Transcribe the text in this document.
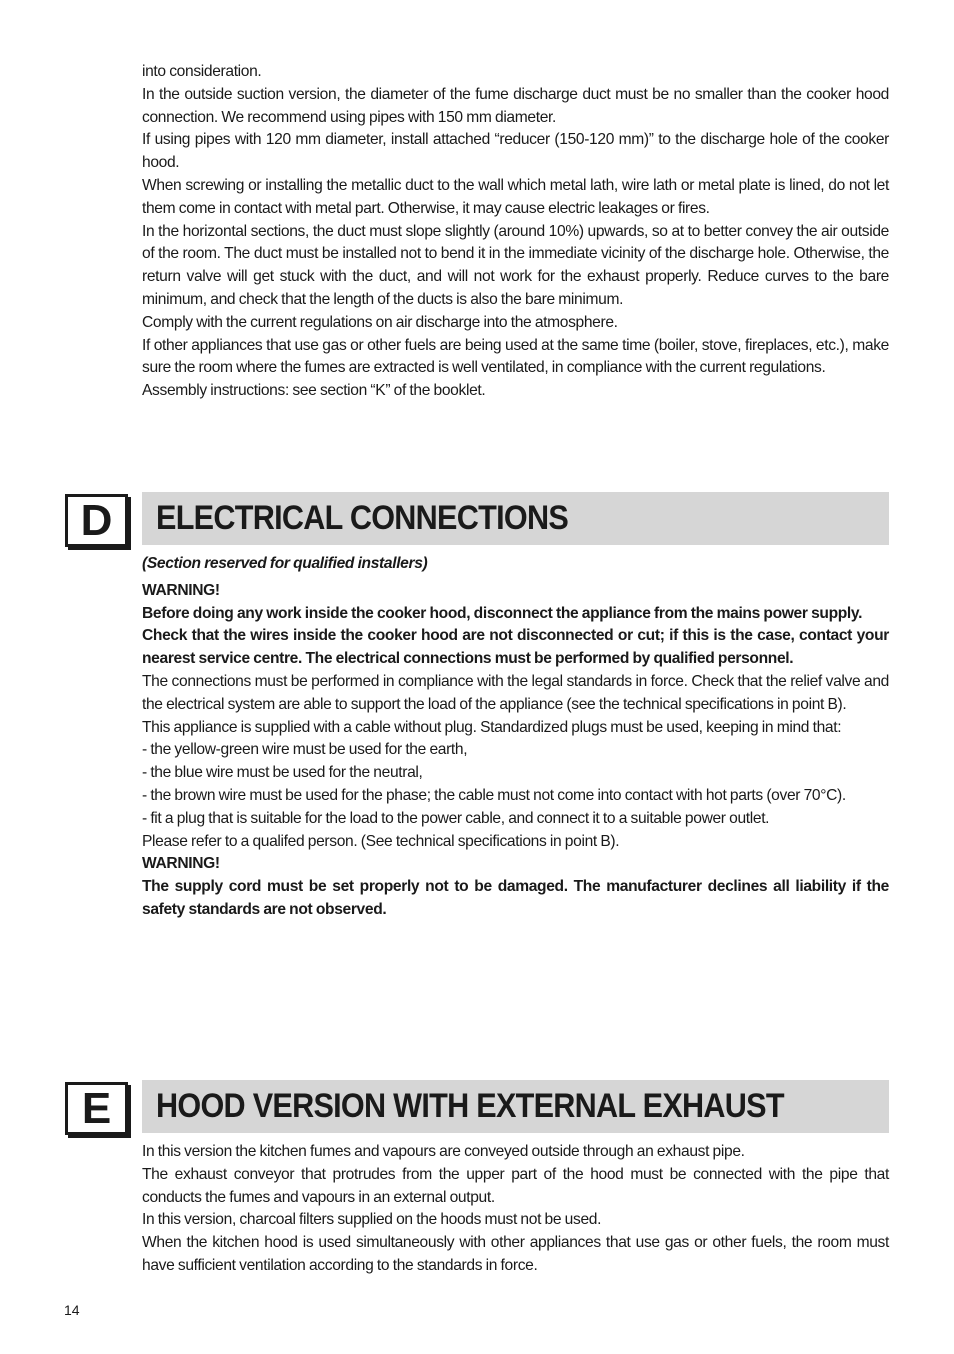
into consideration.

In the outside suction version, the diameter of the fume discharge duct must be no smaller than the cooker hood connection. We recommend using pipes with 150 mm diameter.

If using pipes with 120 mm diameter, install attached “reducer (150-120 mm)” to the discharge hole of the cooker hood.

When screwing or installing the metallic duct to the wall which metal lath, wire lath or metal plate is lined, do not let them come in contact with metal part. Otherwise, it may cause electric leakages or fires.

In the horizontal sections, the duct must slope slightly (around 10%) upwards, so at to better convey the air outside of the room. The duct must be installed not to bend it in the immediate vicinity of the discharge hole. Otherwise, the return valve will get stuck with the duct, and will not work for the exhaust properly. Reduce curves to the bare minimum, and check that the length of the ducts is also the bare minimum.

Comply with the current regulations on air discharge into the atmosphere.

If other appliances that use gas or other fuels are being used at the same time (boiler, stove, fireplaces, etc.), make sure the room where the fumes are extracted is well ventilated, in compliance with the current regulations.

Assembly instructions: see section “K” of the booklet.

D	ELECTRICAL CONNECTIONS

(Section reserved for qualified installers)

WARNING!

Before doing any work inside the cooker hood, disconnect the appliance from the mains power supply.

Check that the wires inside the cooker hood are not disconnected or cut; if this is the case, contact your nearest service centre. The electrical connections must be performed by qualified personnel.

The connections must be performed in compliance with the legal standards in force. Check that the relief valve and the electrical system are able to support the load of the appliance (see the technical specifications in point B).

This appliance is supplied with a cable without plug. Standardized plugs must be used, keeping in mind that:

- the yellow-green wire must be used for the earth,

- the blue wire must be used for the neutral,

- the brown wire must be used for the phase; the cable must not come into contact with hot parts (over 70°C).

- fit a plug that is suitable for the load to the power cable, and connect it to a suitable power outlet.

Please refer to a qualifed person. (See technical specifications in point B).

WARNING!

The supply cord must be set properly not to be damaged. The manufacturer declines all liability if the safety standards are not observed.

E	HOOD VERSION WITH EXTERNAL EXHAUST

In this version the kitchen fumes and vapours are conveyed outside through an exhaust pipe.

The exhaust conveyor that protrudes from the upper part of the hood must be connected with the pipe that conducts the fumes and vapours in an external output.

In this version, charcoal filters supplied on the hoods must not be used.

When the kitchen hood is used simultaneously with other appliances that use gas or other fuels, the room must have sufficient ventilation according to the standards in force.

14
